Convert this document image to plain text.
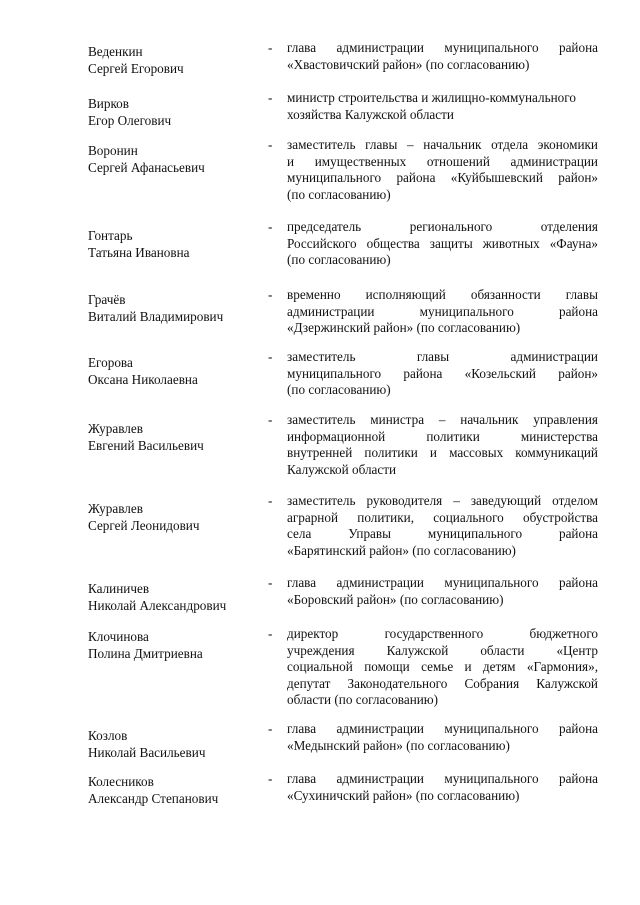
Веденкин
Сергей Егорович
- глава администрации муниципального района
«Хвастовичский район» (по согласованию)
Вирков
Егор Олегович
- министр строительства и жилищно-коммунального
хозяйства Калужской области
Воронин
Сергей Афанасьевич
- заместитель главы – начальник отдела экономики
и имущественных отношений администрации
муниципального района «Куйбышевский район»
(по согласованию)
Гонтарь
Татьяна Ивановна
- председатель регионального отделения
Российского общества защиты животных «Фауна»
(по согласованию)
Грачёв
Виталий Владимирович
- временно исполняющий обязанности главы
администрации муниципального района
«Дзержинский район» (по согласованию)
Егорова
Оксана Николаевна
- заместитель главы администрации
муниципального района «Козельский район»
(по согласованию)
Журавлев
Евгений Васильевич
- заместитель министра – начальник управления
информационной политики министерства
внутренней политики и массовых коммуникаций
Калужской области
Журавлев
Сергей Леонидович
- заместитель руководителя – заведующий отделом
аграрной политики, социального обустройства
села Управы муниципального района
«Барятинский район» (по согласованию)
Калиничев
Николай Александрович
- глава администрации муниципального района
«Боровский район» (по согласованию)
Клочинова
Полина Дмитриевна
- директор государственного бюджетного
учреждения Калужской области «Центр
социальной помощи семье и детям «Гармония»,
депутат Законодательного Собрания Калужской
области (по согласованию)
Козлов
Николай Васильевич
- глава администрации муниципального района
«Медынский район» (по согласованию)
Колесников
Александр Степанович
- глава администрации муниципального района
«Сухиничский район» (по согласованию)
